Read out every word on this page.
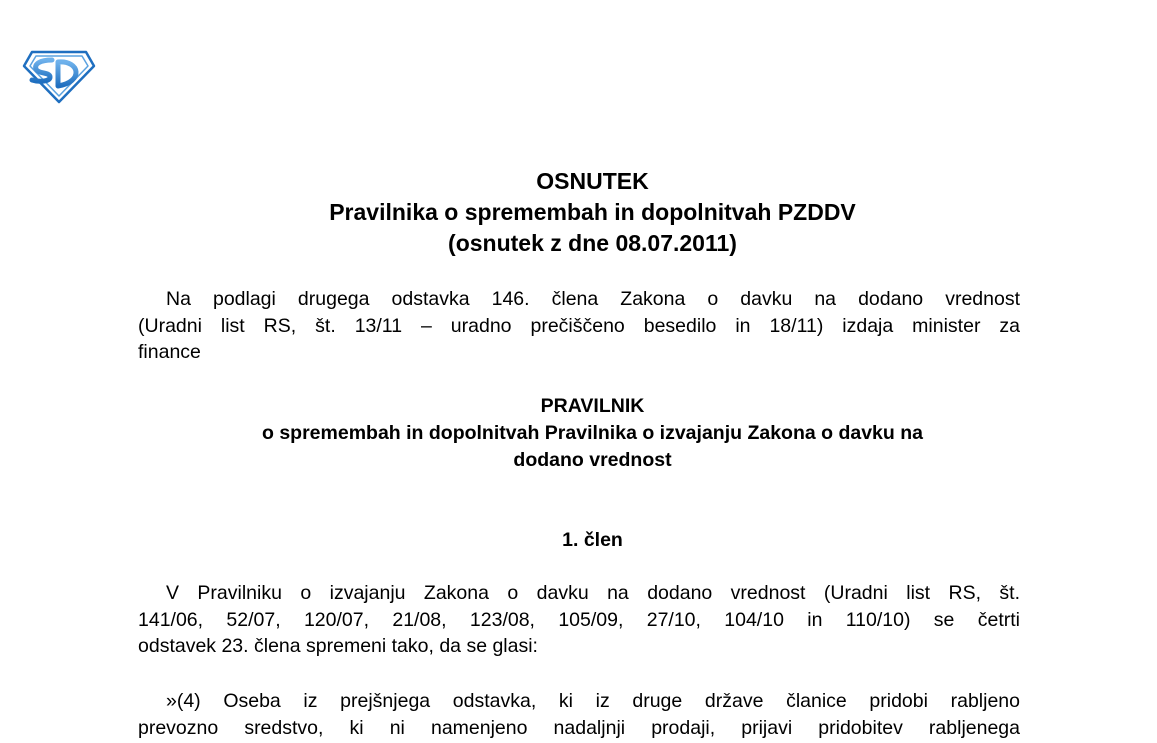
OSNUTEK
Pravilnika o spremembah in dopolnitvah PZDDV
(osnutek z dne 08.07.2011)
Na podlagi drugega odstavka 146. člena Zakona o davku na dodano vrednost
(Uradni list RS, št. 13/11 – uradno prečiščeno besedilo in 18/11) izdaja minister za
finance
PRAVILNIK
o spremembah in dopolnitvah Pravilnika o izvajanju Zakona o davku na
dodano vrednost
1. člen
V Pravilniku o izvajanju Zakona o davku na dodano vrednost (Uradni list RS, št.
141/06, 52/07, 120/07, 21/08, 123/08, 105/09, 27/10, 104/10 in 110/10) se četrti
odstavek 23. člena spremeni tako, da se glasi:
»(4) Oseba iz prejšnjega odstavka, ki iz druge države članice pridobi rabljeno
prevozno sredstvo, ki ni namenjeno nadaljnji prodaji, prijavi pridobitev rabljenega
